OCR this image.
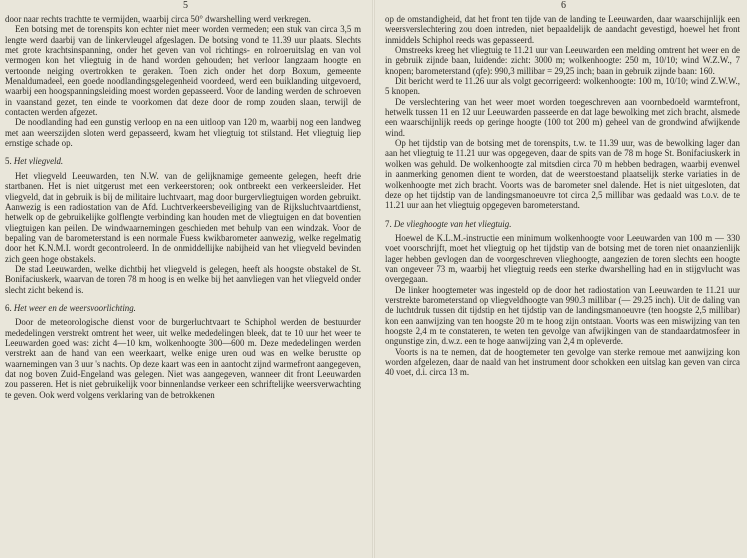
5

door naar rechts trachtte te vermijden, waarbij circa 50° dwarshelling werd verkregen.

Een botsing met de torenspits kon echter niet meer worden vermeden; een stuk van circa 3,5 m lengte werd daarbij van de linkervleugel afgeslagen. De botsing vond te 11.39 uur plaats. Slechts met grote krachtsinspanning, onder het geven van vol richtings- en rolroeruitslag en van vol vermogen kon het vliegtuig in de hand worden gehouden; het verloor langzaam hoogte en vertoonde neiging overtrokken te geraken. Toen zich onder het dorp Boxum, gemeente Menaldumadeel, een goede noodlandingsgelegenheid voordeed, werd een buiklanding uitgevoerd, waarbij een hoogspanningsleiding moest worden gepasseerd. Voor de landing werden de schroeven in vaanstand gezet, ten einde te voorkomen dat deze door de romp zouden slaan, terwijl de contacten werden afgezet.

De noodlanding had een gunstig verloop en na een uitloop van 120 m, waarbij nog een landweg met aan weerszijden sloten werd gepasseerd, kwam het vliegtuig tot stilstand. Het vliegtuig liep ernstige schade op.

5. Het vliegveld.

Het vliegveld Leeuwarden, ten N.W. van de gelijknamige gemeente gelegen, heeft drie startbanen. Het is niet uitgerust met een verkeerstoren; ook ontbreekt een verkeersleider. Het vliegveld, dat in gebruik is bij de militaire luchtvaart, mag door burgervliegtuigen worden gebruikt. Aanwezig is een radiostation van de Afd. Luchtverkeersbeveiliging van de Rijksluchtvaartdienst, hetwelk op de gebruikelijke golflengte verbinding kan houden met de vliegtuigen en dat boventien vliegtuigen kan peilen. De windwaarnemingen geschieden met behulp van een windzak. Voor de bepaling van de barometerstand is een normale Fuess kwikbarometer aanwezig, welke regelmatig door het K.N.M.I. wordt gecontroleerd. In de onmiddellijke nabijheid van het vliegveld bevinden zich geen hoge obstakels.

De stad Leeuwarden, welke dichtbij het vliegveld is gelegen, heeft als hoogste obstakel de St. Bonifaciuskerk, waarvan de toren 78 m hoog is en welke bij het aanvliegen van het vliegveld onder slecht zicht bekend is.

6. Het weer en de weersvoorlichting.

Door de meteorologische dienst voor de burgerluchtvaart te Schiphol werden de bestuurder mededelingen verstrekt omtrent het weer, uit welke mededelingen bleek, dat te 10 uur het weer te Leeuwarden goed was: zicht 4—10 km, wolkenhoogte 300—600 m. Deze mededelingen werden verstrekt aan de hand van een weerkaart, welke enige uren oud was en welke berustte op waarnemingen van 3 uur 's nachts. Op deze kaart was een in aantocht zijnd warmefront aangegeven, dat nog boven Zuid-Engeland was gelegen. Niet was aangegeven, wanneer dit front Leeuwarden zou passeren. Het is niet gebruikelijk voor binnenlandse verkeer een schriftelijke weersverwachting te geven. Ook werd volgens verklaring van de betrokkenen

6

op de omstandigheid, dat het front ten tijde van de landing te Leeuwarden, daar waarschijnlijk een weersverslechtering zou doen intreden, niet bepaaldelijk de aandacht gevestigd, hoewel het front inmiddels Schiphol reeds was gepasseerd.

Omstreeks kreeg het vliegtuig te 11.21 uur van Leeuwarden een melding omtrent het weer en de in gebruik zijnde baan, luidende: zicht: 3000 m; wolkenhoogte: 250 m, 10/10; wind W.Z.W., 7 knopen; barometerstand (qfe): 990,3 millibar = 29,25 inch; baan in gebruik zijnde baan: 160.

Dit bericht werd te 11.26 uur als volgt gecorrigeerd: wolkenhoogte: 100 m, 10/10; wind Z.W.W., 5 knopen.

De verslechtering van het weer moet worden toegeschreven aan voornbedoeld warmtefront, hetwelk tussen 11 en 12 uur Leeuwarden passeerde en dat lage bewolking met zich bracht, alsmede een waarschijnlijk reeds op geringe hoogte (100 tot 200 m) geheel van de grondwind afwijkende wind.

Op het tijdstip van de botsing met de torenspits, t.w. te 11.39 uur, was de bewolking lager dan aan het vliegtuig te 11.21 uur was opgegeven, daar de spits van de 78 m hoge St. Bonifaciuskerk in wolken was gehuld. De wolkenhoogte zal mitsdien circa 70 m hebben bedragen, waarbij evenwel in aanmerking genomen dient te worden, dat de weerstoestand plaatselijk sterke variaties in de wolkenhoogte met zich bracht. Voorts was de barometer snel dalende. Het is niet uitgesloten, dat deze op het tijdstip van de landingsmanoeuvre tot circa 2,5 millibar was gedaald was t.o.v. de te 11.21 uur aan het vliegtuig opgegeven barometerstand.

7. De vlieghoogte van het vliegtuig.

Hoewel de K.L.M.-instructie een minimum wolkenhoogte voor Leeuwarden van 100 m — 330 voet voorschrijft, moet het vliegtuig op het tijdstip van de botsing met de toren niet onaanzienlijk lager hebben gevlogen dan de voorgeschreven vlieghoogte, aangezien de toren slechts een hoogte van ongeveer 73 m, waarbij het vliegtuig reeds een sterke dwarshelling had en in stijgvlucht was overgegaan.

De linker hoogtemeter was ingesteld op de door het radiostation van Leeuwarden te 11.21 uur verstrekte barometerstand op vliegveldhoogte van 990.3 millibar (— 29.25 inch). Uit de daling van de luchtdruk tussen dit tijdstip en het tijdstip van de landingsmanoeuvre (ten hoogste 2,5 millibar) kon een aanwijzing van ten hoogste 20 m te hoog zijn ontstaan. Voorts was een miswijzing van ten hoogste 2,4 m te constateren, te weten ten gevolge van afwijkingen van de standaardatmosfeer in ongunstige zin, d.w.z. een te hoge aanwijzing van 2,4 m opleverde.

Voorts is na te nemen, dat de hoogtemeter ten gevolge van sterke remoue met aanwijzing kon worden afgelezen, daar de naald van het instrument door schokken een uitslag kan geven van circa 40 voet, d.i. circa 13 m.
